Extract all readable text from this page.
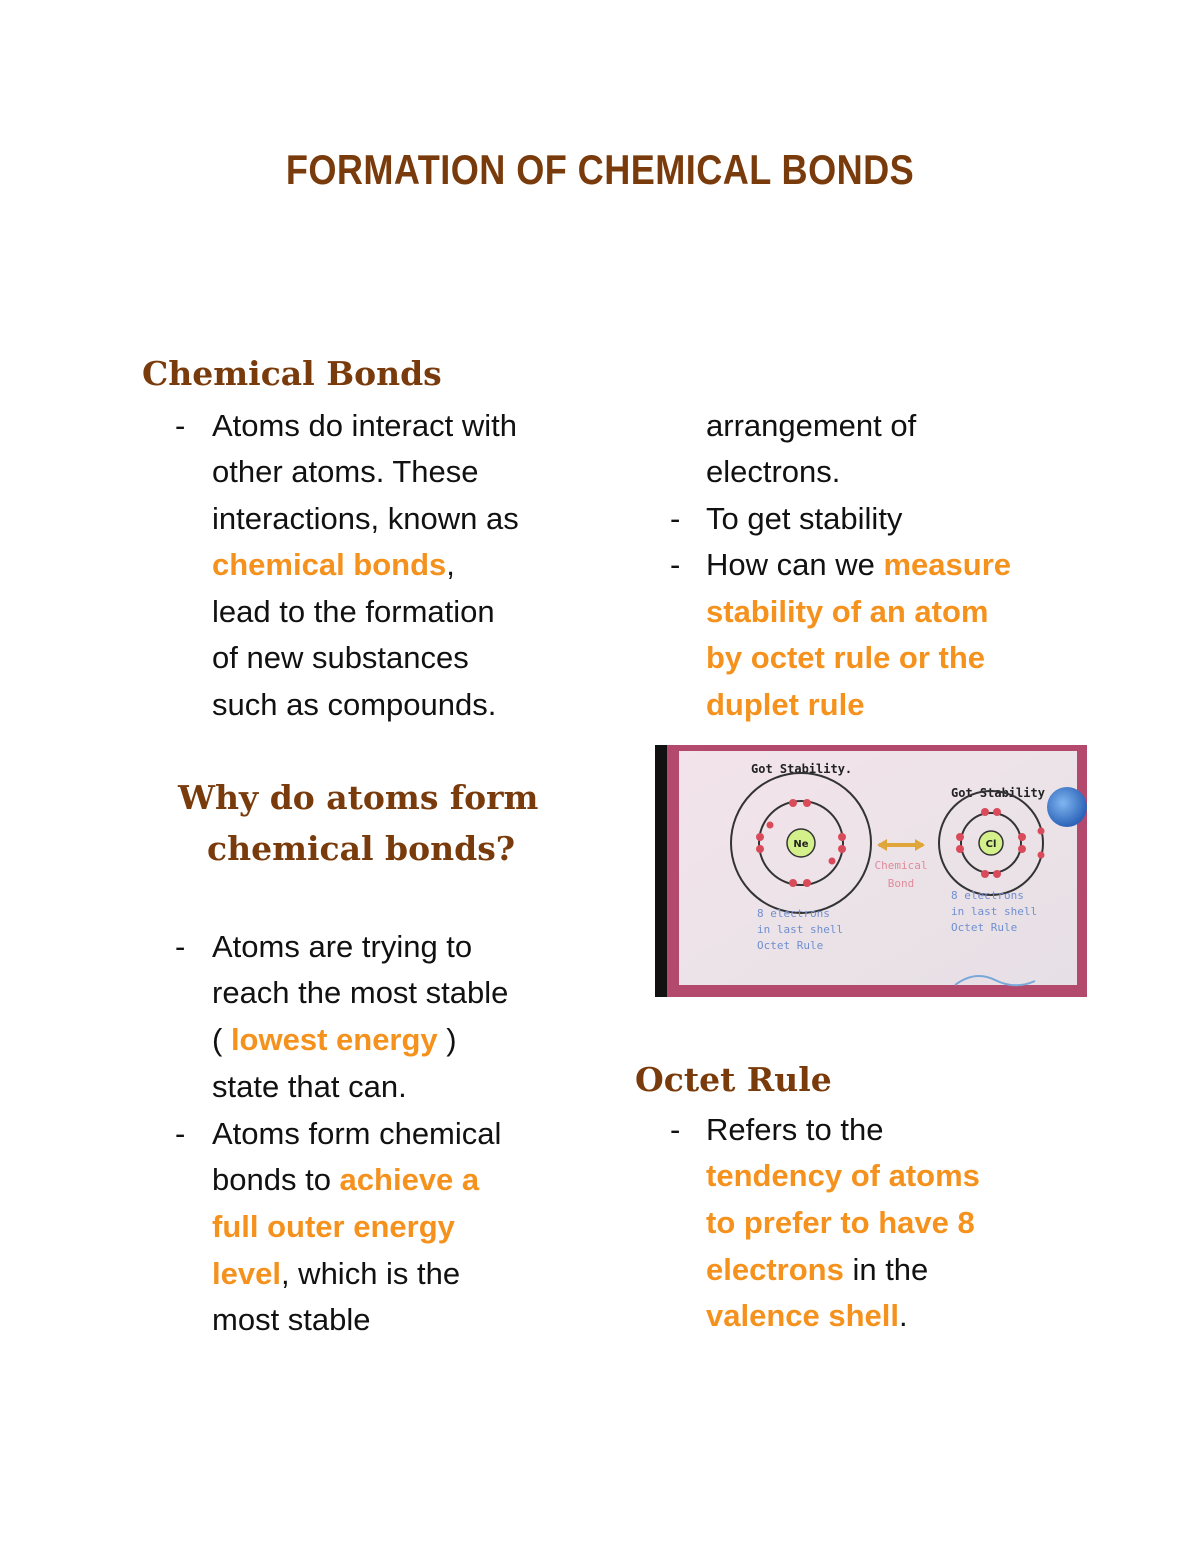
FORMATION OF CHEMICAL BONDS
Chemical Bonds
- Atoms do interact with
other atoms. These
interactions, known as
chemical bonds,
lead to the formation
of new substances
such as compounds.
Why do atoms form
chemical bonds?
- Atoms are trying to
reach the most stable
( lowest energy )
state that can.
- Atoms form chemical
bonds to achieve a
full outer energy
level, which is the
most stable
arrangement of
electrons.
- To get stability
- How can we measure
stability of an atom
by octet rule or the
duplet rule
Got Stability.
Got Stability
Ne
Chemical
Bond
Cl
8 electrons
in last shell
Octet Rule
8 electrons
in last shell
Octet Rule
Octet Rule
- Refers to the
tendency of atoms
to prefer to have 8
electrons in the
valence shell.
